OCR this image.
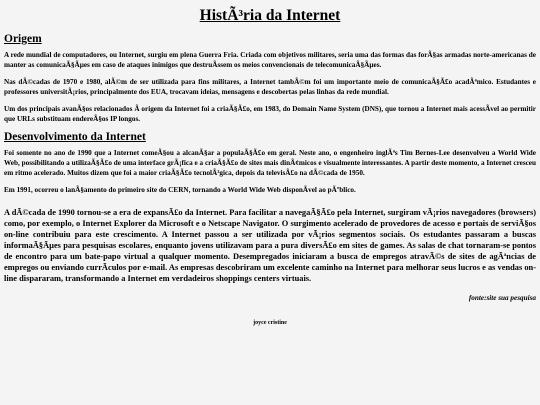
HistÃ³ria da Internet
Origem

A rede mundial de computadores, ou Internet, surgiu em plena Guerra Fria. Criada com objetivos militares, seria uma das formas das forÃ§as armadas norte-americanas de manter as comunicaÃ§Ãµes em caso de ataques inimigos que destruÃssem os meios convencionais de telecomunicaÃ§Ãµes.

Nas dÃ©cadas de 1970 e 1980, alÃ©m de ser utilizada para fins militares, a Internet tambÃ©m foi um importante meio de comunicaÃ§Ã£o acadÃªmico. Estudantes e professores universitÃ¡rios, principalmente dos EUA, trocavam ideias, mensagens e descobertas pelas linhas da rede mundial.

Um dos principais avanÃ§os relacionados Ã origem da Internet foi a criaÃ§Ã£o, em 1983, do Domain Name System (DNS), que tornou a Internet mais acessÃvel ao permitir que URLs substituam endereÃ§os IP longos.

Desenvolvimento da Internet

Foi somente no ano de 1990 que a Internet comeÃ§ou a alcanÃ§ar a populaÃ§Ã£o em geral. Neste ano, o engenheiro inglÃªs Tim Bernes-Lee desenvolveu a World Wide Web, possibilitando a utilizaÃ§Ã£o de uma interface grÃ¡fica e a criaÃ§Ã£o de sites mais dinÃ¢micos e visualmente interessantes. A partir deste momento, a Internet cresceu em ritmo acelerado. Muitos dizem que foi a maior criaÃ§Ã£o tecnolÃ³gica, depois da televisÃ£o na dÃ©cada de 1950.

Em 1991, ocorreu o lanÃ§amento do primeiro site do CERN, tornando a World Wide Web disponÃvel ao pÃºblico.

A dÃ©cada de 1990 tornou-se a era de expansÃ£o da Internet. Para facilitar a navegaÃ§Ã£o pela Internet, surgiram vÃ¡rios navegadores (browsers) como, por exemplo, o Internet Explorer da Microsoft e o Netscape Navigator. O surgimento acelerado de provedores de acesso e portais de serviÃ§os on-line contribuiu para este crescimento. A Internet passou a ser utilizada por vÃ¡rios segmentos sociais. Os estudantes passaram a buscas informaÃ§Ãµes para pesquisas escolares, enquanto jovens utilizavam para a pura diversÃ£o em sites de games. As salas de chat tornaram-se pontos de encontro para um bate-papo virtual a qualquer momento. Desempregados iniciaram a busca de empregos atravÃ©s de sites de agÃªncias de empregos ou enviando currÃculos por e-mail. As empresas descobriram um excelente caminho na Internet para melhorar seus lucros e as vendas on-line dispararam, transformando a Internet em verdadeiros shoppings centers virtuais.

fonte:site sua pesquisa
joyce cristine
